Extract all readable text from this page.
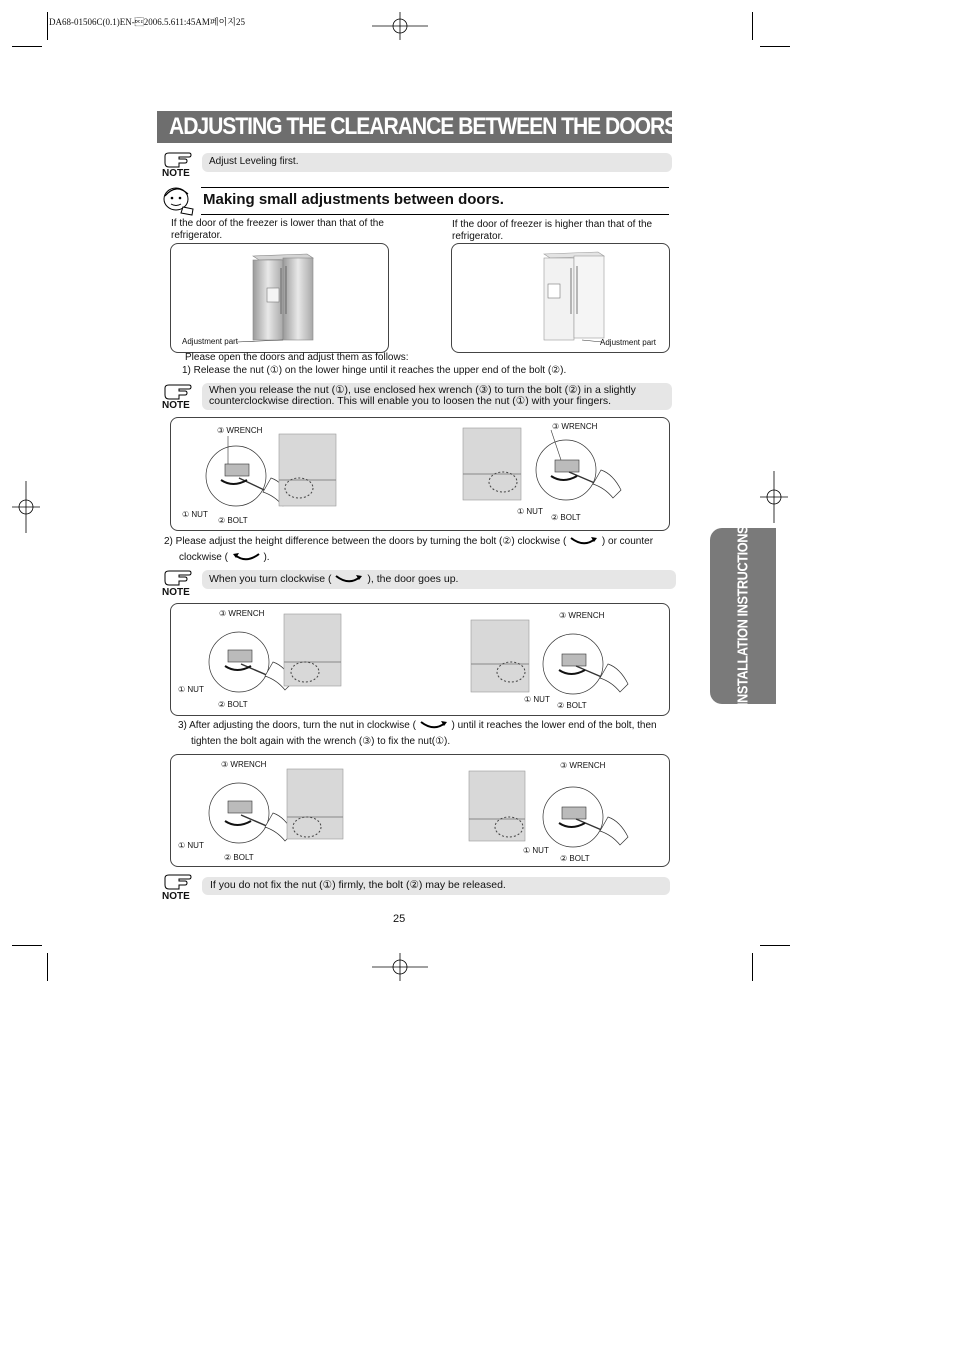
DA68-01506C(0.1)EN-2006.5.611:45AM페이지25
ADJUSTING THE CLEARANCE BETWEEN THE DOORS
NOTE
Adjust Leveling first.
Making small adjustments between doors.
If the door of the freezer is lower than that of the refrigerator.
If the door of freezer is higher than that of the refrigerator.
Adjustment part	Adjustment part
Please open the doors and adjust them as follows:
1) Release the nut (①) on the lower hinge until it reaches the upper end of the bolt (②).
NOTE
When you release the nut (①), use enclosed hex wrench (③) to turn the bolt (②) in a slightly counterclockwise direction. This will enable you to loosen the nut (①) with your fingers.
③ WRENCH
① NUT
② BOLT
③ WRENCH
① NUT
② BOLT
2) Please adjust the height difference between the doors by turning the bolt (②) clockwise (	) or counter
clockwise (	).
NOTE
When you turn clockwise (	), the door goes up.
③ WRENCH
① NUT
② BOLT
③ WRENCH
① NUT
② BOLT
3) After adjusting the doors, turn the nut in clockwise (	) until it reaches the lower end of the bolt, then
tighten the bolt again with the wrench (③) to fix the nut(①).
③ WRENCH
① NUT
② BOLT
③ WRENCH
① NUT
② BOLT
NOTE
If you do not fix the nut (①) firmly, the bolt (②) may be released.
25
INSTALLATION INSTRUCTIONS
